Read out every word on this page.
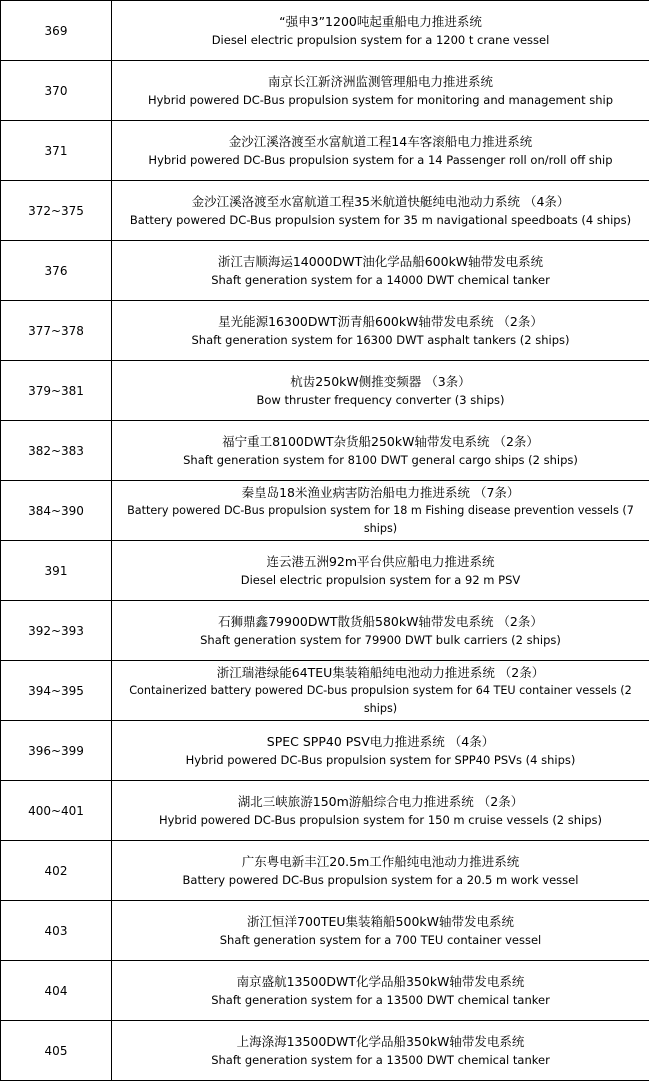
369	“强申3”1200吨起重船电力推进系统
Diesel electric propulsion system for a 1200 t crane vessel

370	南京长江新济洲监测管理船电力推进系统
Hybrid powered DC-Bus propulsion system for monitoring and management ship

371	金沙江溪洛渡至水富航道工程14车客滚船电力推进系统
Hybrid powered DC-Bus propulsion system for a 14 Passenger roll on/roll off ship

372~375	金沙江溪洛渡至水富航道工程35米航道快艇纯电池动力系统 （4条）
Battery powered DC-Bus propulsion system for 35 m navigational speedboats (4 ships)

376	浙江吉顺海运14000DWT油化学品船600kW轴带发电系统
Shaft generation system for a 14000 DWT chemical tanker

377~378	星光能源16300DWT沥青船600kW轴带发电系统 （2条）
Shaft generation system for 16300 DWT asphalt tankers (2 ships)

379~381	杭齿250kW侧推变频器 （3条）
Bow thruster frequency converter (3 ships)

382~383	福宁重工8100DWT杂货船250kW轴带发电系统 （2条）
Shaft generation system for 8100 DWT general cargo ships (2 ships)

384~390	秦皇岛18米渔业病害防治船电力推进系统 （7条）
Battery powered DC-Bus propulsion system for 18 m Fishing disease prevention vessels (7 ships)

391	连云港五洲92m平台供应船电力推进系统
Diesel electric propulsion system for a 92 m PSV

392~393	石狮鼎鑫79900DWT散货船580kW轴带发电系统 （2条）
Shaft generation system for 79900 DWT bulk carriers (2 ships)

394~395	浙江瑞港绿能64TEU集装箱船纯电池动力推进系统 （2条）
Containerized battery powered DC-bus propulsion system for 64 TEU container vessels (2 ships)

396~399	SPEC SPP40 PSV电力推进系统 （4条）
Hybrid powered DC-Bus propulsion system for SPP40 PSVs (4 ships)

400~401	湖北三峡旅游150m游船综合电力推进系统 （2条）
Hybrid powered DC-Bus propulsion system for 150 m cruise vessels (2 ships)

402	广东粤电新丰江20.5m工作船纯电池动力推进系统
Battery powered DC-Bus propulsion system for a 20.5 m work vessel

403	浙江恒洋700TEU集装箱船500kW轴带发电系统
Shaft generation system for a 700 TEU container vessel

404	南京盛航13500DWT化学品船350kW轴带发电系统
Shaft generation system for a 13500 DWT chemical tanker

405	上海涤海13500DWT化学品船350kW轴带发电系统
Shaft generation system for a 13500 DWT chemical tanker
